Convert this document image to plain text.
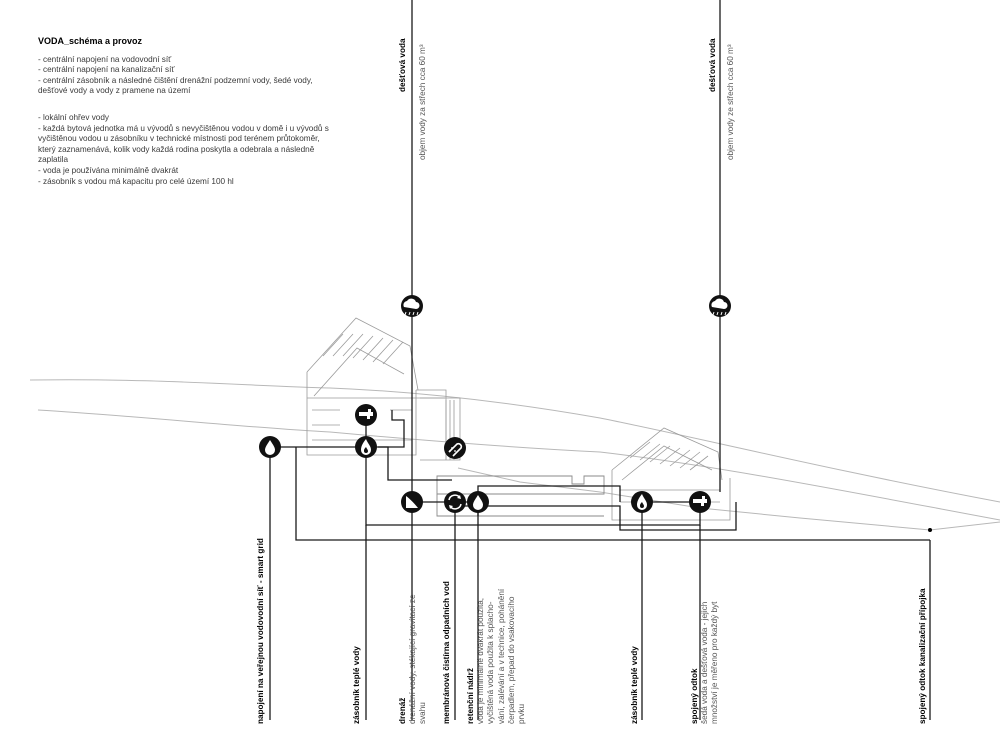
VODA_schéma a provoz
- centrální napojení na vodovodní síť
- centrální napojení na kanalizační síť
- centrální zásobník a následné čištění drenážní podzemní vody, šedé vody,
dešťové vody a vody z pramene na území
- lokální ohřev vody
- každá bytová jednotka má u vývodů s nevyčištěnou vodou v domě i u vývodů s
vyčištěnou vodou u zásobníku v technické místnosti pod terénem průtokoměr,
který zaznamenává, kolik vody každá rodina poskytla a odebrala a následně
zaplatila
- voda je používána minimálně dvakrát
- zásobník s vodou má kapacitu pro celé území 100 hl
dešťová voda objem vody za střech cca 60 m³	dešťová voda objem vody ze střech cca 60 m³
napojení na veřejnou vodovodní síť - smart grid	zásobník teplé vody	drenáž drenážní vody, stékající gravitací ze svahu membránová čistírna odpadních vod retenční nádrž voda je minimálně dvakrát použita, vyčištěná voda použita k splacho- vání, zalévání a v technice, pohánění čerpadlem, přepad do vsakovacího prvku	zásobník teplé vody	spojený odtok šedá voda a dešťová voda - jejich množství je měřeno pro každý byt	spojený odtok kanalizační přípojka
